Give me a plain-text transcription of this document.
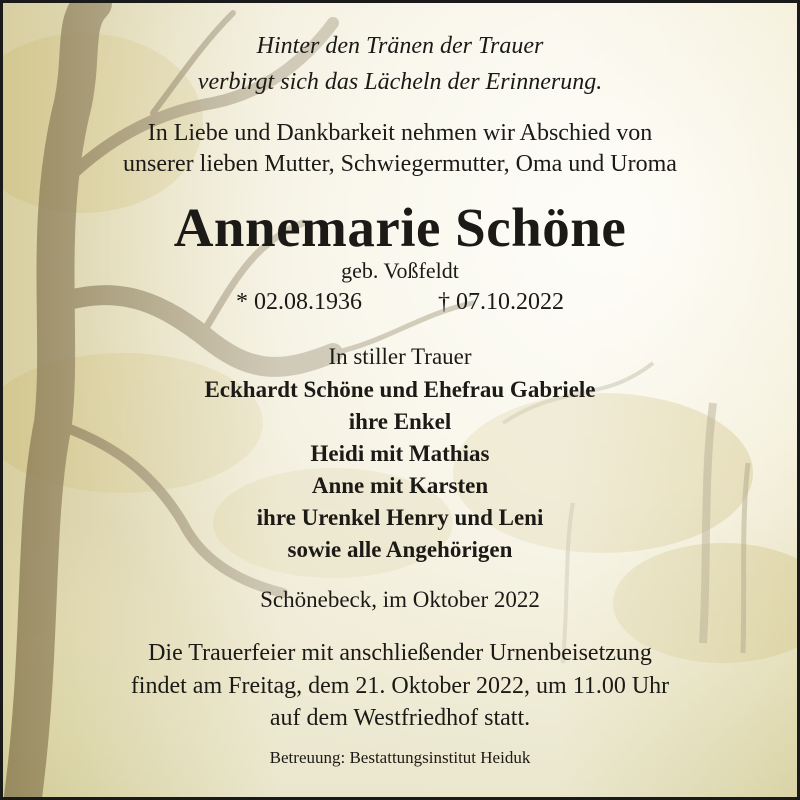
Hinter den Tränen der Trauer
verbirgt sich das Lächeln der Erinnerung.
In Liebe und Dankbarkeit nehmen wir Abschied von
unserer lieben Mutter, Schwiegermutter, Oma und Uroma
Annemarie Schöne
geb. Voßfeldt
* 02.08.1936	† 07.10.2022
In stiller Trauer
Eckhardt Schöne und Ehefrau Gabriele
ihre Enkel
Heidi mit Mathias
Anne mit Karsten
ihre Urenkel Henry und Leni
sowie alle Angehörigen
Schönebeck, im Oktober 2022
Die Trauerfeier mit anschließender Urnenbeisetzung
findet am Freitag, dem 21. Oktober 2022, um 11.00 Uhr
auf dem Westfriedhof statt.
Betreuung: Bestattungsinstitut Heiduk
